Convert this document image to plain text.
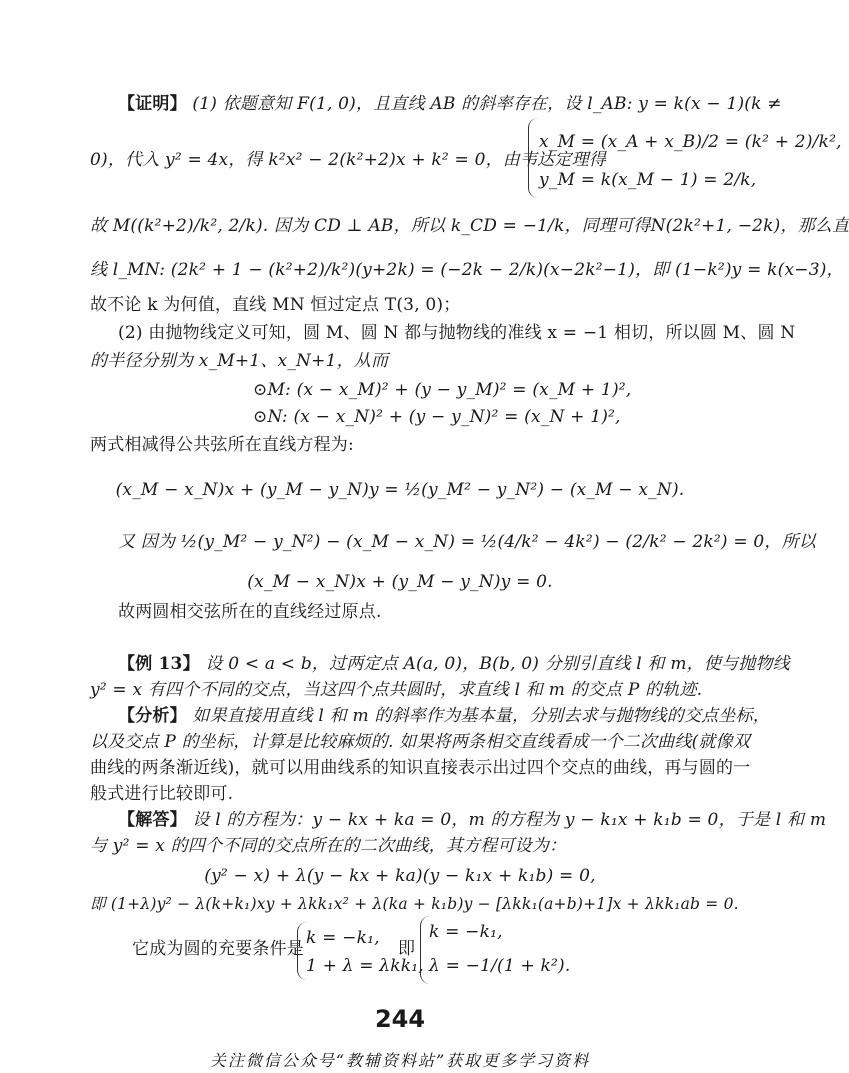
【证明】 (1) 依题意知 F(1, 0)，且直线 AB 的斜率存在，设 l_AB: y = k(x − 1)(k ≠
0)，代入 y² = 4x，得 k²x² − 2(k²+2)x + k² = 0，由韦达定理得
x_M = (x_A + x_B)/2 = (k² + 2)/k²,
y_M = k(x_M − 1) = 2/k,
故 M((k²+2)/k², 2/k). 因为 CD ⊥ AB，所以 k_CD = −1/k，同理可得N(2k²+1, −2k)，那么直
线 l_MN: (2k² + 1 − (k²+2)/k²)(y+2k) = (−2k − 2/k)(x−2k²−1)，即 (1−k²)y = k(x−3)，
故不论 k 为何值，直线 MN 恒过定点 T(3, 0)；
(2) 由抛物线定义可知，圆 M、圆 N 都与抛物线的准线 x = −1 相切，所以圆 M、圆 N
的半径分别为 x_M+1、x_N+1，从而
⊙M: (x − x_M)² + (y − y_M)² = (x_M + 1)²,
⊙N: (x − x_N)² + (y − y_N)² = (x_N + 1)²,
两式相减得公共弦所在直线方程为:
(x_M − x_N)x + (y_M − y_N)y = ½(y_M² − y_N²) − (x_M − x_N).
又 因为 ½(y_M² − y_N²) − (x_M − x_N) = ½(4/k² − 4k²) − (2/k² − 2k²) = 0，所以
(x_M − x_N)x + (y_M − y_N)y = 0.
故两圆相交弦所在的直线经过原点.
【例 13】 设 0 < a < b，过两定点 A(a, 0)，B(b, 0) 分别引直线 l 和 m，使与抛物线
y² = x 有四个不同的交点，当这四个点共圆时，求直线 l 和 m 的交点 P 的轨迹.
【分析】 如果直接用直线 l 和 m 的斜率作为基本量，分别去求与抛物线的交点坐标，
以及交点 P 的坐标，计算是比较麻烦的. 如果将两条相交直线看成一个二次曲线(就像双
曲线的两条渐近线)，就可以用曲线系的知识直接表示出过四个交点的曲线，再与圆的一
般式进行比较即可.
【解答】 设 l 的方程为：y − kx + ka = 0，m 的方程为 y − k₁x + k₁b = 0，于是 l 和 m
与 y² = x 的四个不同的交点所在的二次曲线，其方程可设为：
(y² − x) + λ(y − kx + ka)(y − k₁x + k₁b) = 0,
即 (1+λ)y² − λ(k+k₁)xy + λkk₁x² + λ(ka + k₁b)y − [λkk₁(a+b)+1]x + λkk₁ab = 0.
它成为圆的充要条件是
k = −k₁,
1 + λ = λkk₁,
即
k = −k₁,
λ = −1/(1 + k²).
244
关注微信公众号“教辅资料站”获取更多学习资料
